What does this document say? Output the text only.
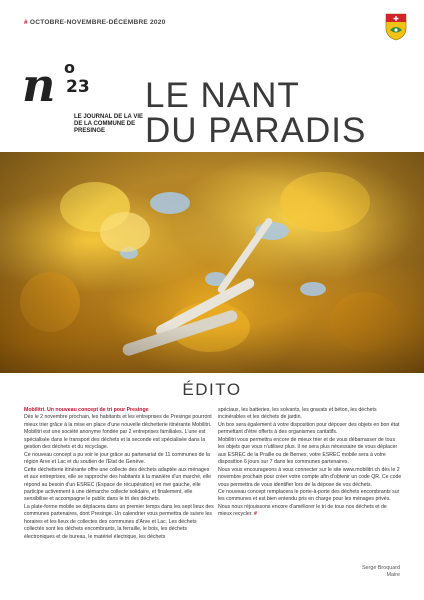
# OCTOBRE-NOVEMBRE-DÉCEMBRE 2020
n o
23
LE JOURNAL DE LA VIE DE LA COMMUNE DE PRESINGE
LE NANT
DU PARADIS
ÉDITO

Mobilitri. Un nouveau concept de tri pour Presinge

Dès le 2 novembre prochain, les habitants et les entreprises de Presinge pourront mieux trier grâce à la mise en place d'une nouvelle déchetterie itinérante Mobilitri.

Mobilitri est une société anonyme fondée par 2 entreprises familiales. L'une est spécialisée dans le transport des déchets et la seconde est spécialisée dans la gestion des déchets et du recyclage.

Ce nouveau concept a pu voir le jour grâce au partenariat de 11 communes de la région Arve et Lac et du soutien de l'Etat de Genève.

Cette déchetterie itinérante offre une collecte des déchets adaptée aux ménages et aux entreprises, elle se rapproche des habitants à la manière d'un marché, elle répond au besoin d'un ESREC (Espace de récupération) en rive gauche, elle participe activement à une démarche collecte solidaire, et finalement, elle sensibilise et accompagne le public dans le tri des déchets.

La plate-forme mobile se déplacera dans un premier temps dans les sept lieux des communes partenaires, dont Presinge. Un calendrier vous permettra de suivre les horaires et les lieux de collectes des communes d'Arve et Lac. Les déchets collectés sont les déchets encombrants, la ferraille, le bois, les déchets électroniques et de bureau, le matériel électrique, les déchets

spéciaux, les batteries, les solvants, les gravats et béton, les déchets incinérables et les déchets de jardin.

Un box sera également à votre disposition pour déposer des objets en bon état permettant d'être offerts à des organismes caritatifs.

Mobilitri vous permettra encore de mieux trier et de vous débarrasser de tous les objets que vous n'utilisez plus. Il ne sera plus nécessaire de vous déplacer aux ESREC de la Praille ou de Bernex, votre ESREC mobile sera à votre disposition 6 jours sur 7 dans les communes partenaires.

Nous vous encourageons à vous connecter sur le site www.mobilitri.ch dès le 2 novembre prochain pour créer votre compte afin d'obtenir un code QR. Ce code vous permettra de vous identifier lors de la dépose de vos déchets.

Ce nouveau concept remplacera le porte-à-porte des déchets encombrants sur les communes et est bien entendu pris en charge pour les ménages privés. Nous nous réjouissons encore d'améliorer le tri de tous nos déchets et de mieux recycler. #

Serge Broquard
Maire
